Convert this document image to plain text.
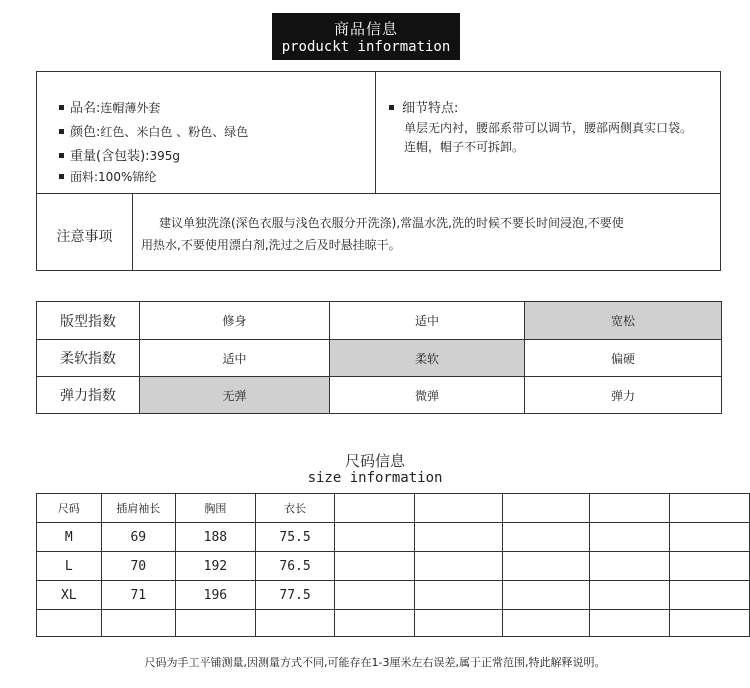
商品信息
produckt information
品名:连帽薄外套
颜色:红色、米白色 、粉色、绿色
重量(含包装):395g
面料:100%锦纶
细节特点:
单层无内衬，腰部系带可以调节，腰部两侧真实口袋。
连帽，帽子不可拆卸。
注意事项
建议单独洗涤(深色衣服与浅色衣服分开洗涤),常温水洗,洗的时候不要长时间浸泡,不要使
用热水,不要使用漂白剂,洗过之后及时悬挂晾干。
版型指数	修身	适中	宽松
柔软指数	适中	柔软	偏硬
弹力指数	无弹	微弹	弹力
尺码信息
size information
尺码	插肩袖长	胸围	衣长					
M	69	188	75.5					
L	70	192	76.5					
XL	71	196	77.5					

尺码为手工平铺测量,因测量方式不同,可能存在1-3厘米左右误差,属于正常范围,特此解释说明。
